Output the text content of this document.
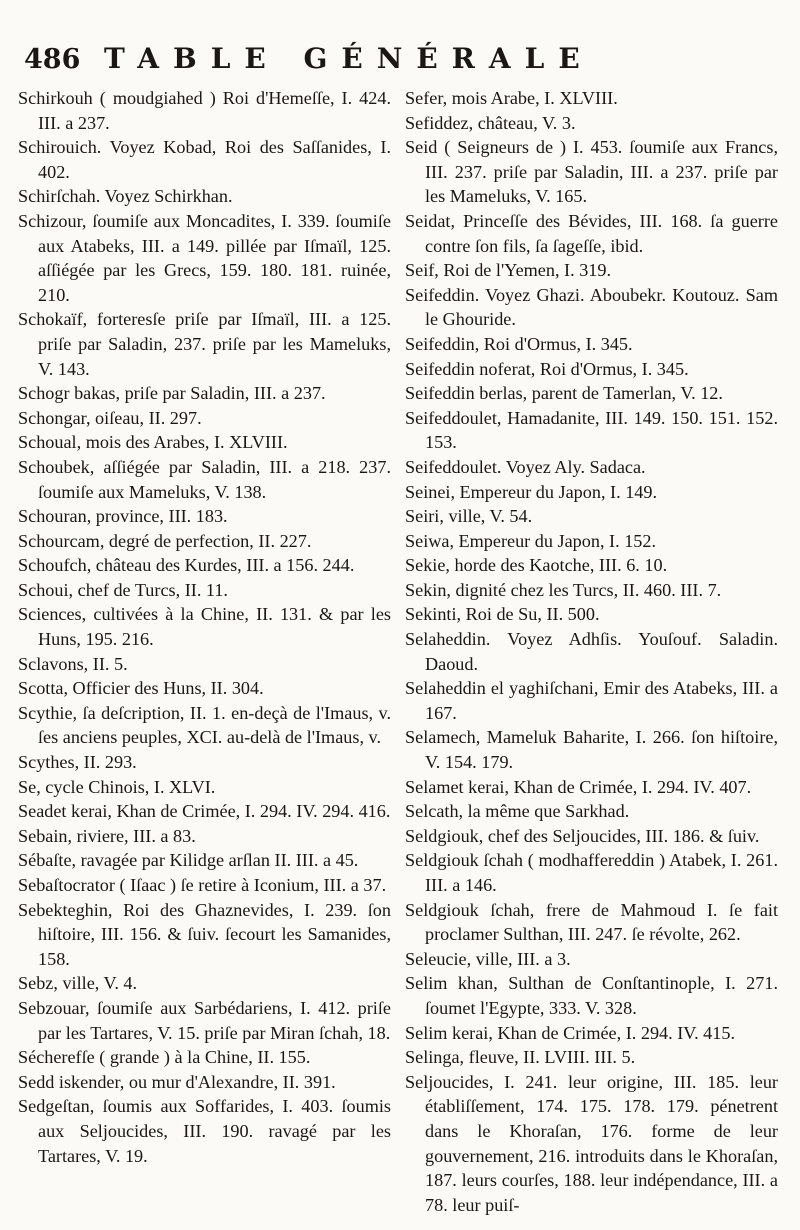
486 TABLE GÉNÉRALE

Schirkouh ( moudgiahed ) Roi d'Hemeſſe, I. 424. III. a 237.

Schirouich. Voyez Kobad, Roi des Saſſanides, I. 402.

Schirſchah. Voyez Schirkhan.

Schizour, ſoumiſe aux Moncadites, I. 339. ſoumiſe aux Atabeks, III. a 149. pillée par Iſmaïl, 125. aſſiégée par les Grecs, 159. 180. 181. ruinée, 210.

Schokaïf, forteresſe priſe par Iſmaïl, III. a 125. priſe par Saladin, 237. priſe par les Mameluks, V. 143.

Schogr bakas, priſe par Saladin, III. a 237.

Schongar, oiſeau, II. 297.

Schoual, mois des Arabes, I. XLVIII.

Schoubek, aſſiégée par Saladin, III. a 218. 237. ſoumiſe aux Mameluks, V. 138.

Schouran, province, III. 183.

Schourcam, degré de perfection, II. 227.

Schoufch, château des Kurdes, III. a 156. 244.

Schoui, chef de Turcs, II. 11.

Sciences, cultivées à la Chine, II. 131. & par les Huns, 195. 216.

Sclavons, II. 5.

Scotta, Officier des Huns, II. 304.

Scythie, ſa deſcription, II. 1. en-deçà de l'Imaus, v. ſes anciens peuples, XCI. au-delà de l'Imaus, v.

Scythes, II. 293.

Se, cycle Chinois, I. XLVI.

Seadet kerai, Khan de Crimée, I. 294. IV. 294. 416.

Sebain, riviere, III. a 83.

Sébaſte, ravagée par Kilidge arſlan II. III. a 45.

Sebaſtocrator ( Iſaac ) ſe retire à Iconium, III. a 37.

Sebekteghin, Roi des Ghaznevides, I. 239. ſon hiſtoire, III. 156. & ſuiv. ſecourt les Samanides, 158.

Sebz, ville, V. 4.

Sebzouar, ſoumiſe aux Sarbédariens, I. 412. priſe par les Tartares, V. 15. priſe par Miran ſchah, 18.

Sécherefſe ( grande ) à la Chine, II. 155.

Sedd iskender, ou mur d'Alexandre, II. 391.

Sedgeſtan, ſoumis aux Soffarides, I. 403. ſoumis aux Seljoucides, III. 190. ravagé par les Tartares, V. 19.

Sefer, mois Arabe, I. XLVIII.

Sefiddez, château, V. 3.

Seid ( Seigneurs de ) I. 453. ſoumiſe aux Francs, III. 237. priſe par Saladin, III. a 237. priſe par les Mameluks, V. 165.

Seidat, Princeſſe des Bévides, III. 168. ſa guerre contre ſon fils, ſa ſageſſe, ibid.

Seif, Roi de l'Yemen, I. 319.

Seifeddin. Voyez Ghazi. Aboubekr. Koutouz. Sam le Ghouride.

Seifeddin, Roi d'Ormus, I. 345.

Seifeddin noferat, Roi d'Ormus, I. 345.

Seifeddin berlas, parent de Tamerlan, V. 12.

Seifeddoulet, Hamadanite, III. 149. 150. 151. 152. 153.

Seifeddoulet. Voyez Aly. Sadaca.

Seinei, Empereur du Japon, I. 149.

Seiri, ville, V. 54.

Seiwa, Empereur du Japon, I. 152.

Sekie, horde des Kaotche, III. 6. 10.

Sekin, dignité chez les Turcs, II. 460. III. 7.

Sekinti, Roi de Su, II. 500.

Selaheddin. Voyez Adhſis. Youſouf. Saladin. Daoud.

Selaheddin el yaghiſchani, Emir des Atabeks, III. a 167.

Selamech, Mameluk Baharite, I. 266. ſon hiſtoire, V. 154. 179.

Selamet kerai, Khan de Crimée, I. 294. IV. 407.

Selcath, la même que Sarkhad.

Seldgiouk, chef des Seljoucides, III. 186. & ſuiv.

Seldgiouk ſchah ( modhaffereddin ) Atabek, I. 261. III. a 146.

Seldgiouk ſchah, frere de Mahmoud I. ſe fait proclamer Sulthan, III. 247. ſe révolte, 262.

Seleucie, ville, III. a 3.

Selim khan, Sulthan de Conſtantinople, I. 271. ſoumet l'Egypte, 333. V. 328.

Selim kerai, Khan de Crimée, I. 294. IV. 415.

Selinga, fleuve, II. LVIII. III. 5.

Seljoucides, I. 241. leur origine, III. 185. leur établiſſement, 174. 175. 178. 179. pénetrent dans le Khoraſan, 176. forme de leur gouvernement, 216. introduits dans le Khoraſan, 187. leurs courſes, 188. leur indépendance, III. a 78. leur puiſ-
